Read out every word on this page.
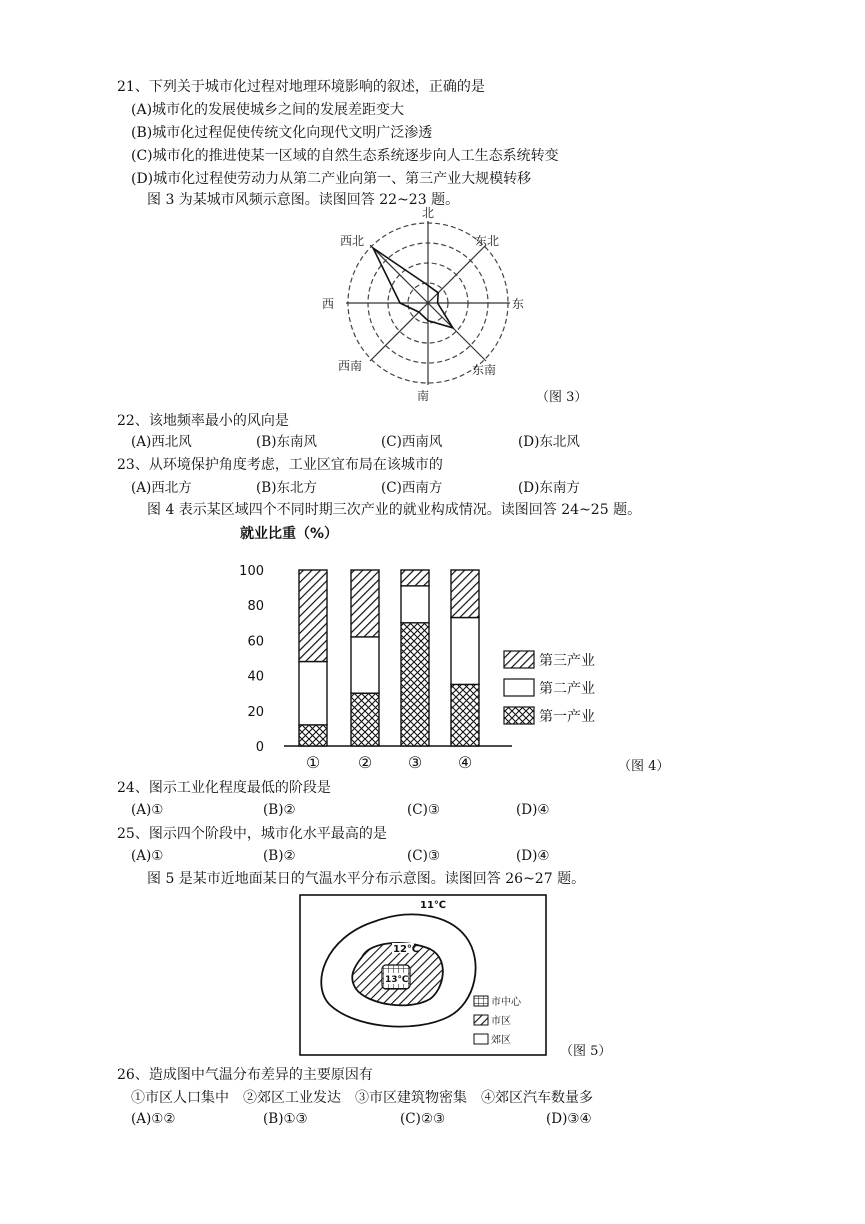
21、下列关于城市化过程对地理环境影响的叙述，正确的是
(A)城市化的发展使城乡之间的发展差距变大
(B)城市化过程促使传统文化向现代文明广泛渗透
(C)城市化的推进使某一区域的自然生态系统逐步向人工生态系统转变
(D)城市化过程使劳动力从第二产业向第一、第三产业大规模转移
图 3 为某城市风频示意图。读图回答 22~23 题。
北
东北
东
东南
南
西南
西
西北
（图 3）
22、该地频率最小的风向是
(A)西北风	(B)东南风	(C)西南风	(D)东北风
23、从环境保护角度考虑，工业区宜布局在该城市的
(A)西北方	(B)东北方	(C)西南方	(D)东南方
图 4 表示某区域四个不同时期三次产业的就业构成情况。读图回答 24~25 题。
就业比重（%）
0
20
40
60
80
100
① ② ③ ④
第三产业
第二产业
第一产业
（图 4）
24、图示工业化程度最低的阶段是
(A)①	(B)②	(C)③	(D)④
25、图示四个阶段中，城市化水平最高的是
(A)①	(B)②	(C)③	(D)④
图 5 是某市近地面某日的气温水平分布示意图。读图回答 26~27 题。
11℃
12℃
13℃
市中心
市区
郊区
（图 5）
26、造成图中气温分布差异的主要原因有
①市区人口集中　②郊区工业发达　③市区建筑物密集　④郊区汽车数量多
(A)①②	(B)①③	(C)②③	(D)③④
